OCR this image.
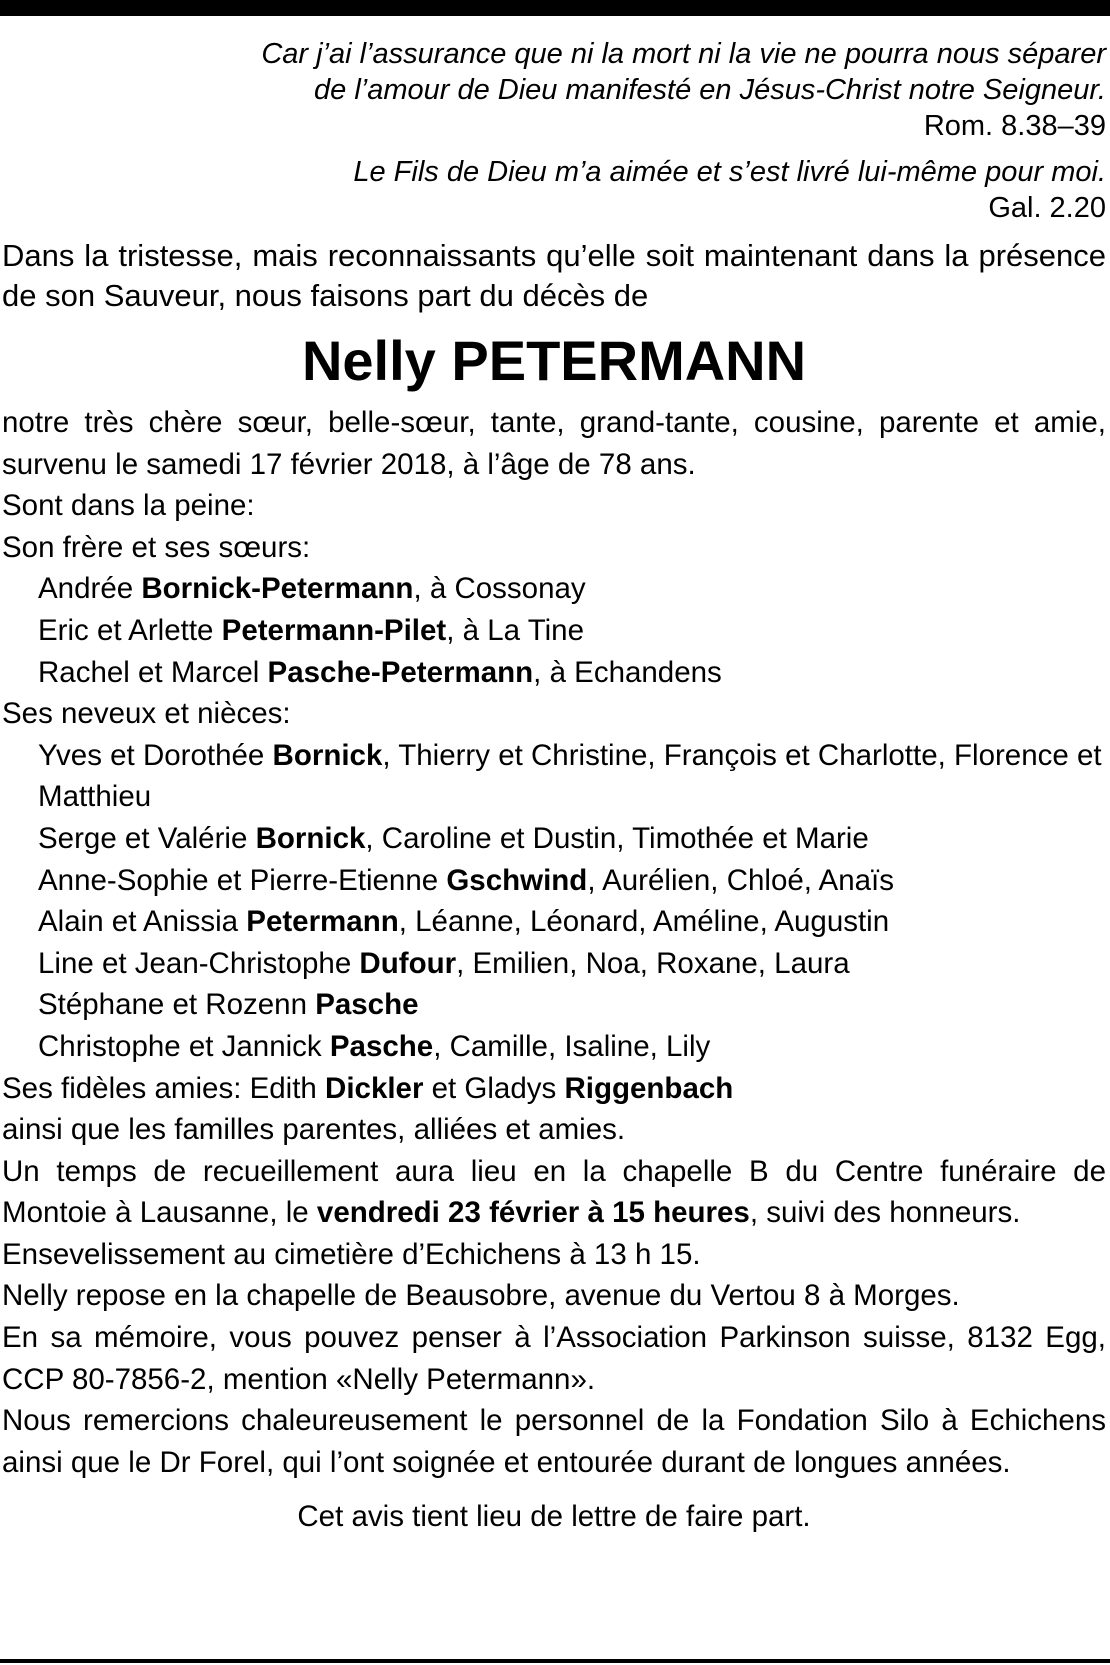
Car j’ai l’assurance que ni la mort ni la vie ne pourra nous séparer
de l’amour de Dieu manifesté en Jésus-Christ notre Seigneur.
Rom. 8.38–39
Le Fils de Dieu m’a aimée et s’est livré lui-même pour moi.
Gal. 2.20
Dans la tristesse, mais reconnaissants qu’elle soit maintenant dans la présence de son Sauveur, nous faisons part du décès de
Nelly PETERMANN
notre très chère sœur, belle-sœur, tante, grand-tante, cousine, parente et amie, survenu le samedi 17 février 2018, à l’âge de 78 ans.
Sont dans la peine:
Son frère et ses sœurs:
Andrée Bornick-Petermann, à Cossonay
Eric et Arlette Petermann-Pilet, à La Tine
Rachel et Marcel Pasche-Petermann, à Echandens
Ses neveux et nièces:
Yves et Dorothée Bornick, Thierry et Christine, François et Charlotte, Florence et Matthieu
Serge et Valérie Bornick, Caroline et Dustin, Timothée et Marie
Anne-Sophie et Pierre-Etienne Gschwind, Aurélien, Chloé, Anaïs
Alain et Anissia Petermann, Léanne, Léonard, Améline, Augustin
Line et Jean-Christophe Dufour, Emilien, Noa, Roxane, Laura
Stéphane et Rozenn Pasche
Christophe et Jannick Pasche, Camille, Isaline, Lily
Ses fidèles amies: Edith Dickler et Gladys Riggenbach
ainsi que les familles parentes, alliées et amies.
Un temps de recueillement aura lieu en la chapelle B du Centre funéraire de Montoie à Lausanne, le vendredi 23 février à 15 heures, suivi des honneurs.
Ensevelissement au cimetière d’Echichens à 13 h 15.
Nelly repose en la chapelle de Beausobre, avenue du Vertou 8 à Morges.
En sa mémoire, vous pouvez penser à l’Association Parkinson suisse, 8132 Egg, CCP 80-7856-2, mention «Nelly Petermann».
Nous remercions chaleureusement le personnel de la Fondation Silo à Echichens ainsi que le Dr Forel, qui l’ont soignée et entourée durant de longues années.
Cet avis tient lieu de lettre de faire part.
